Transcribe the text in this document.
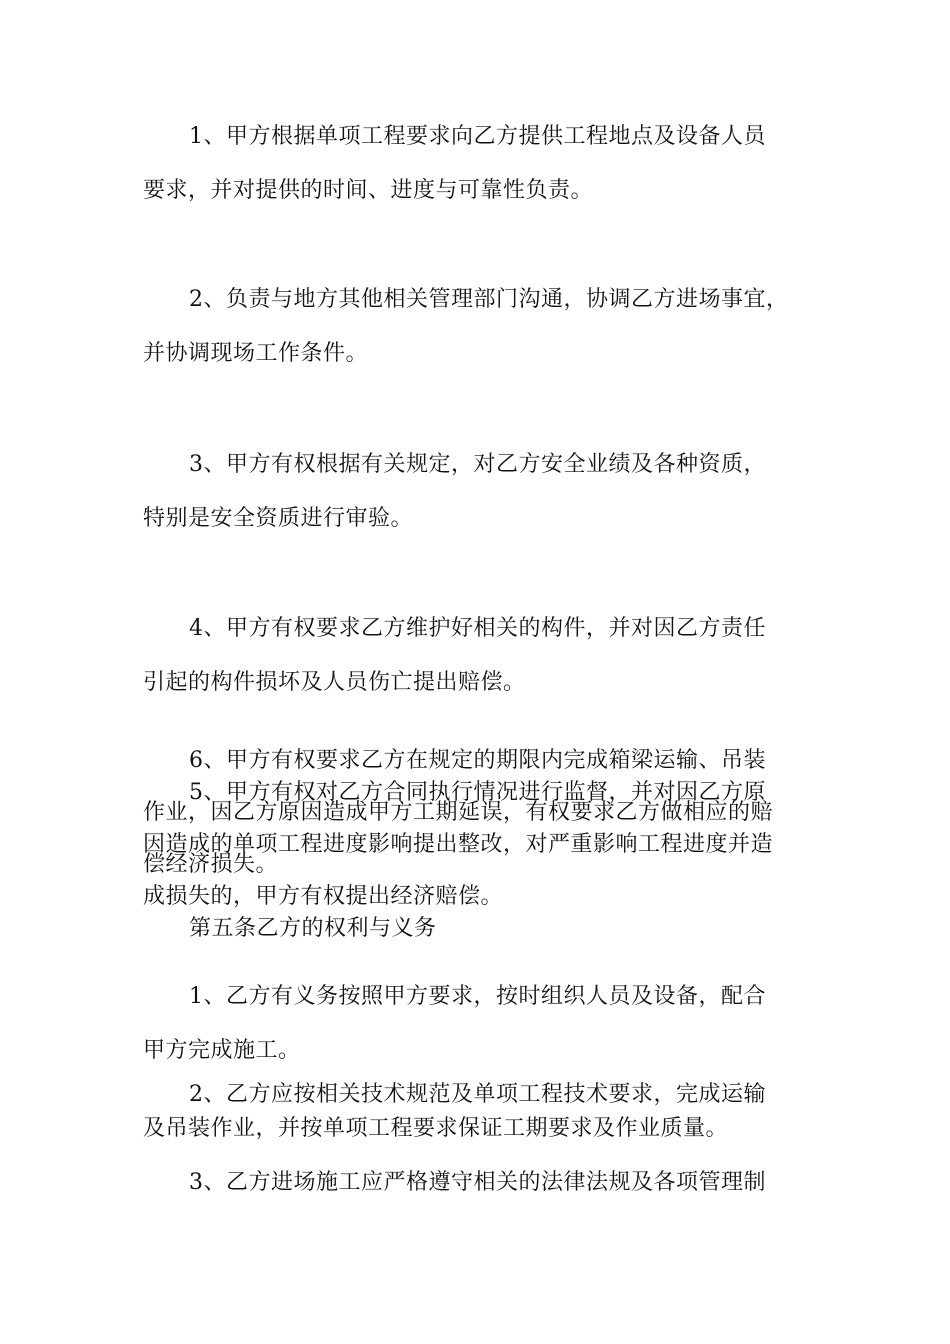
1、甲方根据单项工程要求向乙方提供工程地点及设备人员
要求，并对提供的时间、进度与可靠性负责。
2、负责与地方其他相关管理部门沟通，协调乙方进场事宜，
并协调现场工作条件。
3、甲方有权根据有关规定，对乙方安全业绩及各种资质，
特别是安全资质进行审验。
4、甲方有权要求乙方维护好相关的构件，并对因乙方责任
引起的构件损坏及人员伤亡提出赔偿。
5、甲方有权对乙方合同执行情况进行监督，并对因乙方原
因造成的单项工程进度影响提出整改，对严重影响工程进度并造
成损失的，甲方有权提出经济赔偿。
6、甲方有权要求乙方在规定的期限内完成箱梁运输、吊装
作业，因乙方原因造成甲方工期延误，有权要求乙方做相应的赔
偿经济损失。
第五条乙方的权利与义务
1、乙方有义务按照甲方要求，按时组织人员及设备，配合
甲方完成施工。
2、乙方应按相关技术规范及单项工程技术要求，完成运输
及吊装作业，并按单项工程要求保证工期要求及作业质量。
3、乙方进场施工应严格遵守相关的法律法规及各项管理制
